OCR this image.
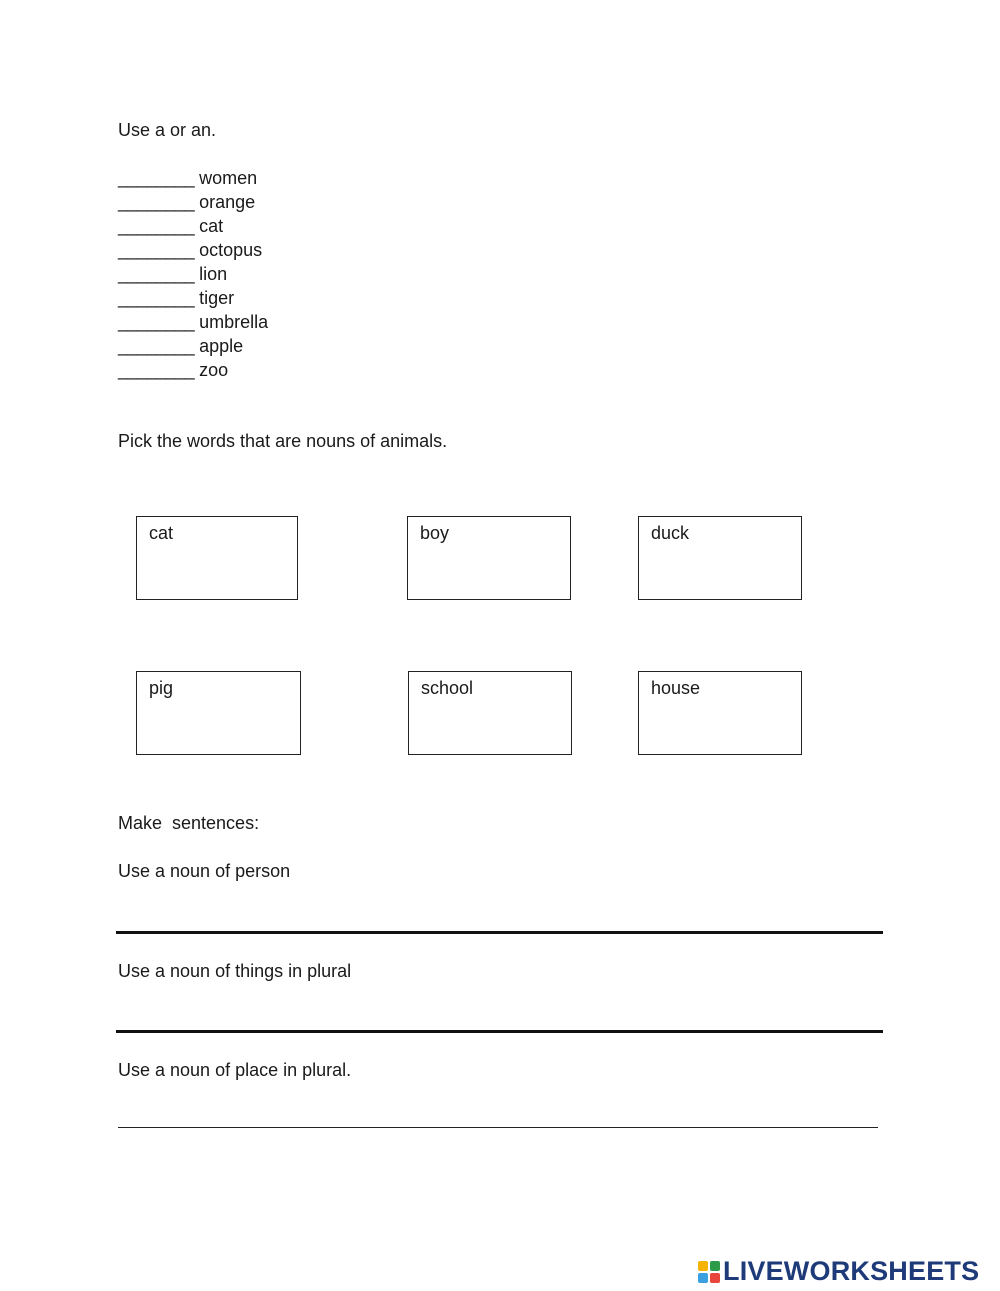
Use a or an.
________ women
________ orange
________ cat
________ octopus
________ lion
________ tiger
________ umbrella
________ apple
________ zoo
Pick the words that are nouns of animals.
cat	boy	duck
pig	school	house
Make  sentences:
Use a noun of person
Use a noun of things in plural
Use a noun of place in plural.
LIVEWORKSHEETS
